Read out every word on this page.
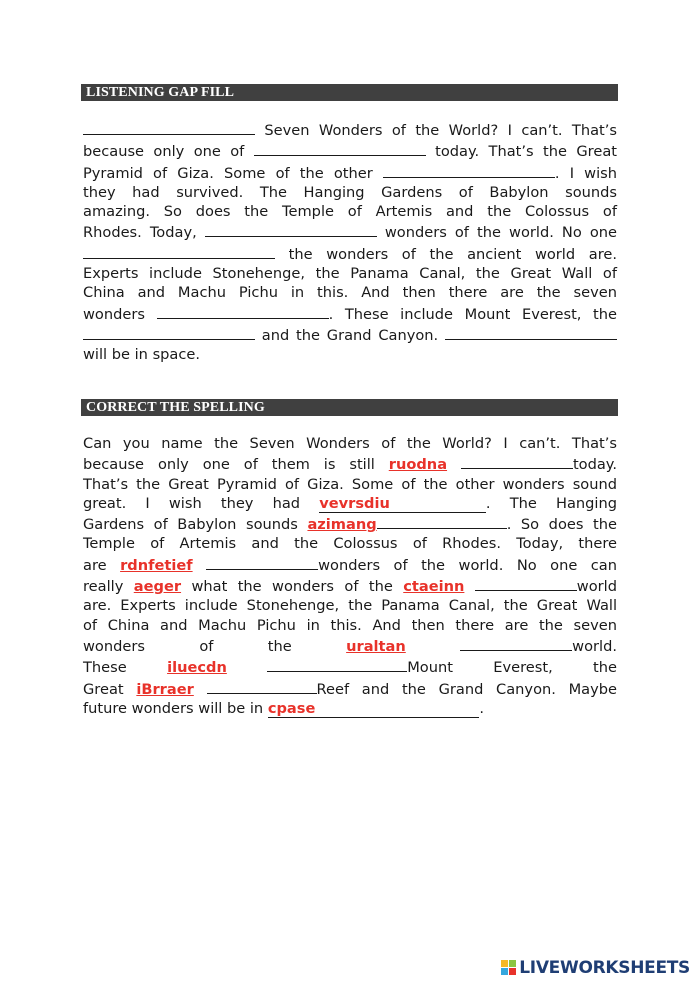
LISTENING GAP FILL
Seven Wonders of the World? I can’t. That’s
because only one of	today. That’s the Great
Pyramid of Giza. Some of the other	. I wish
they had survived. The Hanging Gardens of Babylon sounds
amazing. So does the Temple of Artemis and the Colossus of
Rhodes. Today,	wonders of the world. No one
the wonders of the ancient world are.
Experts include Stonehenge, the Panama Canal, the Great Wall of
China and Machu Pichu in this. And then there are the seven
wonders	. These include Mount Everest, the
and the Grand Canyon.
will be in space.
CORRECT THE SPELLING
Can you name the Seven Wonders of the World? I can’t. That’s
because only one of them is still ruodna	today.
That’s the Great Pyramid of Giza. Some of the other wonders sound
great. I wish they had vevrsdiu	. The Hanging
Gardens of Babylon sounds azimang	. So does the
Temple of Artemis and the Colossus of Rhodes. Today, there
are rdnfetief	wonders of the world. No one can
really aeger what the wonders of the ctaeinn	world
are. Experts include Stonehenge, the Panama Canal, the Great Wall
of China and Machu Pichu in this. And then there are the seven
wonders of the uraltan	world.
These iluecdn	Mount Everest, the
Great iBrraer	Reef and the Grand Canyon. Maybe
future wonders will be in cpase	.
LIVEWORKSHEETS
